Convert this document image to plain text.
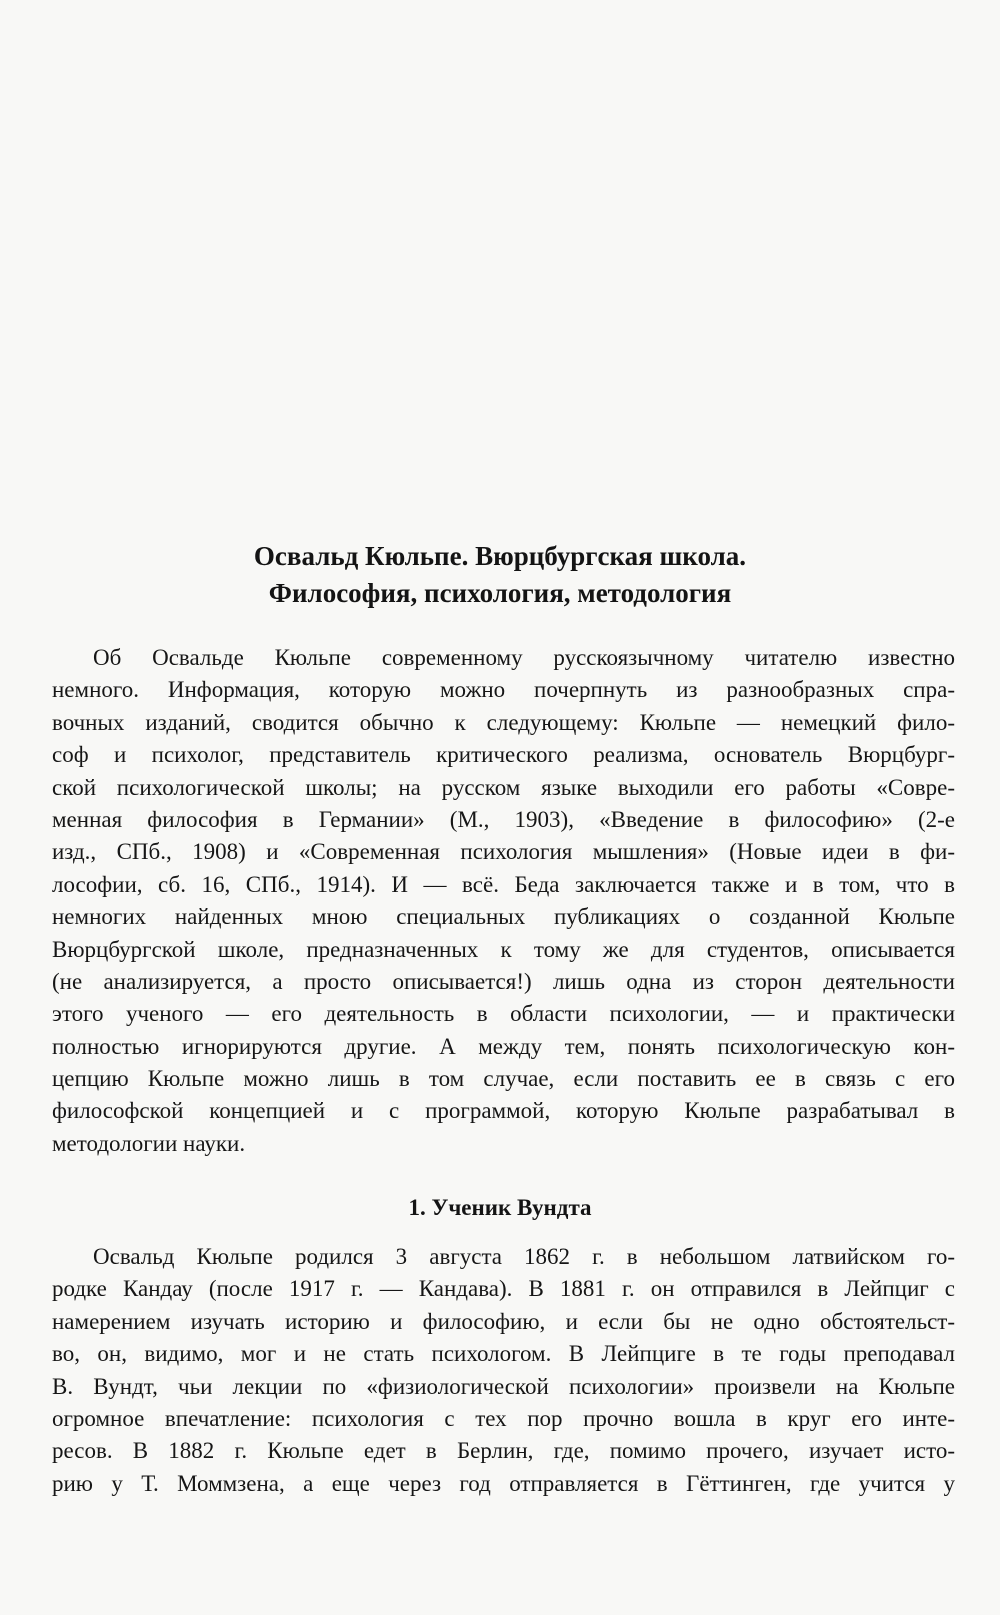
Освальд Кюльпе. Вюрцбургская школа.
Философия, психология, методология
Об Освальде Кюльпе современному русскоязычному читателю известно
немного. Информация, которую можно почерпнуть из разнообразных спра-
вочных изданий, сводится обычно к следующему: Кюльпе — немецкий фило-
соф и психолог, представитель критического реализма, основатель Вюрцбург-
ской психологической школы; на русском языке выходили его работы «Совре-
менная философия в Германии» (М., 1903), «Введение в философию» (2-е
изд., СПб., 1908) и «Современная психология мышления» (Новые идеи в фи-
лософии, сб. 16, СПб., 1914). И — всё. Беда заключается также и в том, что в
немногих найденных мною специальных публикациях о созданной Кюльпе
Вюрцбургской школе, предназначенных к тому же для студентов, описывается
(не анализируется, а просто описывается!) лишь одна из сторон деятельности
этого ученого — его деятельность в области психологии, — и практически
полностью игнорируются другие. А между тем, понять психологическую кон-
цепцию Кюльпе можно лишь в том случае, если поставить ее в связь с его
философской концепцией и с программой, которую Кюльпе разрабатывал в
методологии науки.
1. Ученик Вундта
Освальд Кюльпе родился 3 августа 1862 г. в небольшом латвийском го-
родке Кандау (после 1917 г. — Кандава). В 1881 г. он отправился в Лейпциг с
намерением изучать историю и философию, и если бы не одно обстоятельст-
во, он, видимо, мог и не стать психологом. В Лейпциге в те годы преподавал
В. Вундт, чьи лекции по «физиологической психологии» произвели на Кюльпе
огромное впечатление: психология с тех пор прочно вошла в круг его инте-
ресов. В 1882 г. Кюльпе едет в Берлин, где, помимо прочего, изучает исто-
рию у Т. Моммзена, а еще через год отправляется в Гёттинген, где учится у
